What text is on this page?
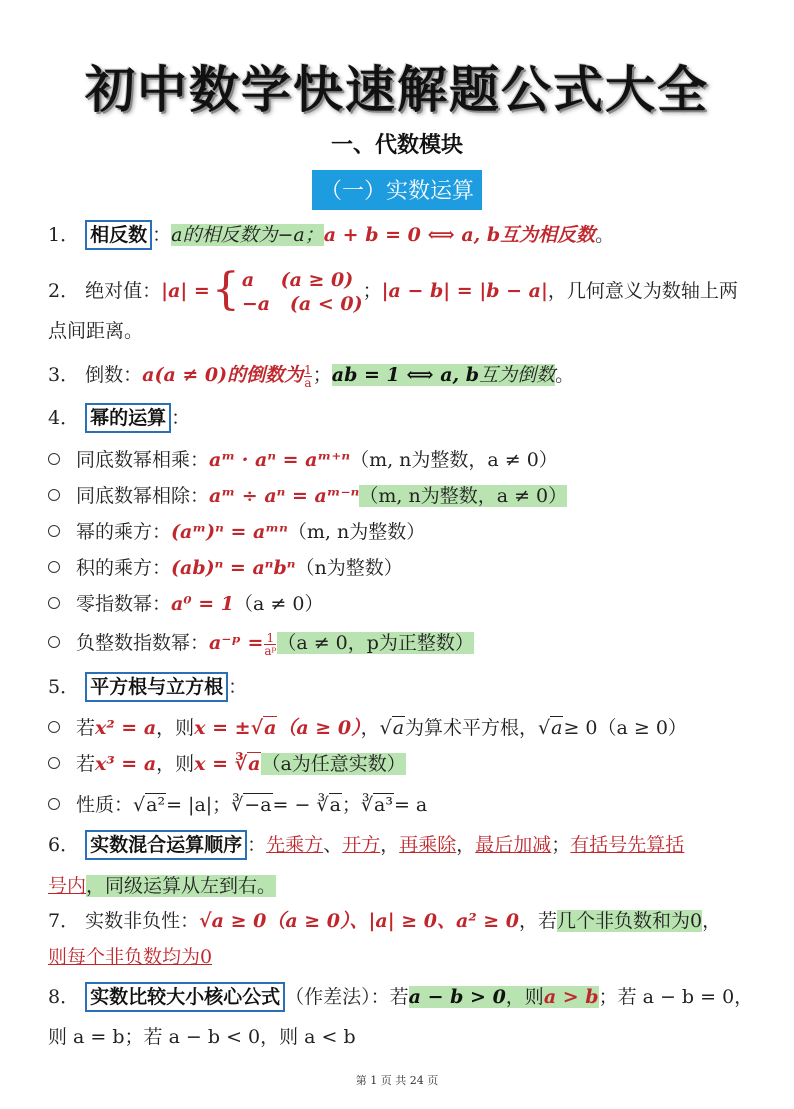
初中数学快速解题公式大全
一、代数模块
（一）实数运算
1． 相反数 ：a的相反数为−a；a + b = 0 ⟺ a, b互为相反数。
2． 绝对值：|a| ={ a (a ≥ 0)
−a (a < 0)；|a − b| = |b − a|，几何意义为数轴上两
点间距离。
3． 倒数：a(a ≠ 0)的倒数为 $\frac{1}{a}$ ；ab = 1 ⟺ a, b互为倒数。
4． 幂的运算 ：
同底数幂相乘：aᵐ · aⁿ = aᵐ⁺ⁿ（m, n为整数，a ≠ 0）
同底数幂相除：aᵐ ÷ aⁿ = aᵐ⁻ⁿ（m, n为整数，a ≠ 0）
幂的乘方：(aᵐ)ⁿ = aᵐⁿ（m, n为整数）
积的乘方：(ab)ⁿ = aⁿbⁿ（n为整数）
零指数幂：a⁰ = 1（a ≠ 0）
负整数指数幂：a⁻ᵖ = $\frac{1}{\text{aᵖ}} (a \ne 0$，p为正整数）
5． 平方根与立方根 ：
若x² = a，则x = ±√a（a ≥ 0），√a为算术平方根，√a≥ 0（a ≥ 0）
若x³ = a，则x = ∛a（a为任意实数）
性质：√a²= |a|；∛−a= − ∛a；∛a³= a
6． 实数混合运算顺序 ：先乘方、开方，再乘除，最后加减；有括号先算括
号内，同级运算从左到右。
7． 实数非负性：√a ≥ 0（a ≥ 0）、|a| ≥ 0、a² ≥ 0，若几个非负数和为0，
则每个非负数均为0
8． 实数比较大小核心公式 （作差法）：若a − b > 0，则a > b；若 a − b = 0，
则 a = b；若 a − b < 0，则 a < b
第 1 页 共 24 页
